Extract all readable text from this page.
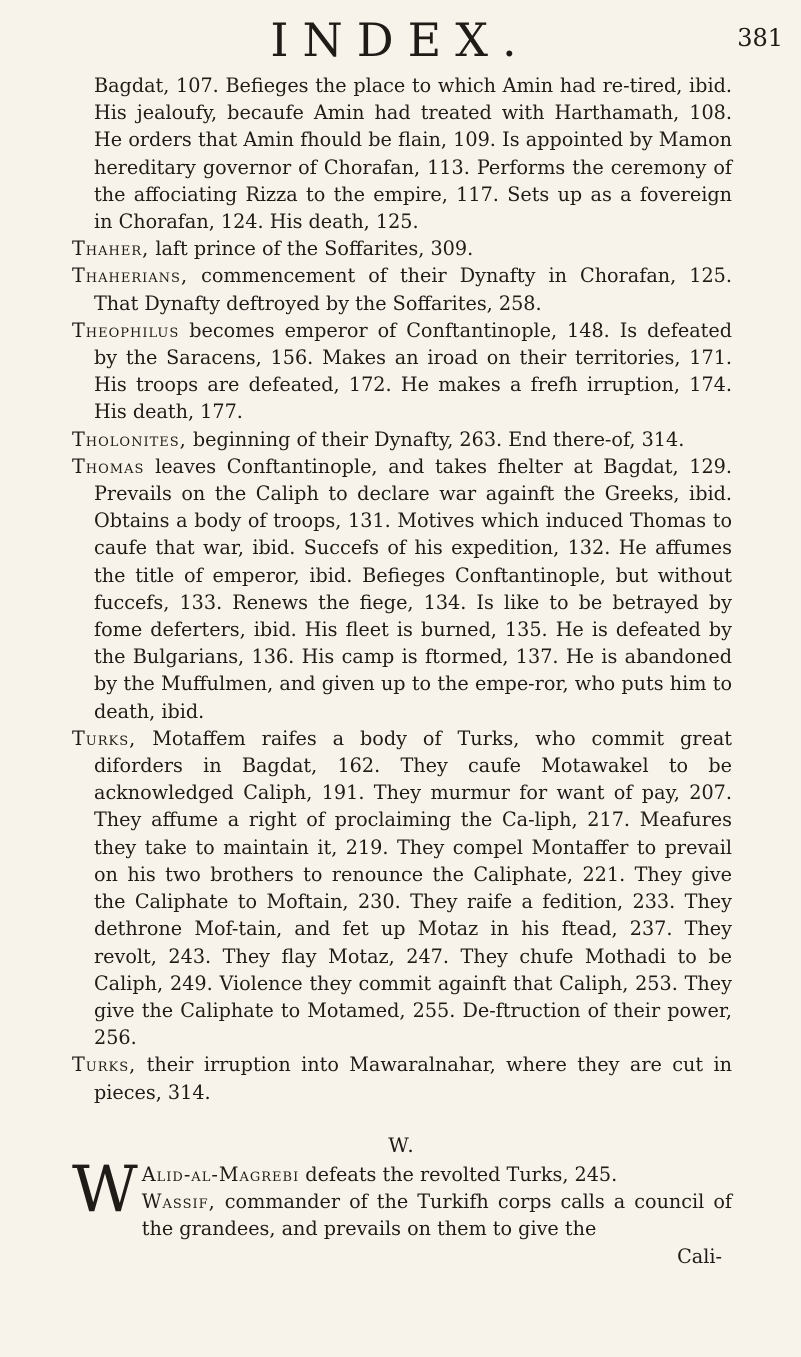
INDEX.	381

Bagdat, 107. Befieges the place to which Amin had re-tired, ibid. His jealoufy, becaufe Amin had treated with Harthamath, 108. He orders that Amin fhould be flain, 109. Is appointed by Mamon hereditary governor of Chorafan, 113. Performs the ceremony of the affociating Rizza to the empire, 117. Sets up as a fovereign in Chorafan, 124. His death, 125.

Thaher, laft prince of the Soffarites, 309.

Thaherians, commencement of their Dynafty in Chorafan, 125. That Dynafty deftroyed by the Soffarites, 258.

Theophilus becomes emperor of Conftantinople, 148. Is defeated by the Saracens, 156. Makes an iroad on their territories, 171. His troops are defeated, 172. He makes a frefh irruption, 174. His death, 177.

Tholonites, beginning of their Dynafty, 263. End there-of, 314.

Thomas leaves Conftantinople, and takes fhelter at Bagdat, 129. Prevails on the Caliph to declare war againft the Greeks, ibid. Obtains a body of troops, 131. Motives which induced Thomas to caufe that war, ibid. Succefs of his expedition, 132. He affumes the title of emperor, ibid. Befieges Conftantinople, but without fuccefs, 133. Renews the fiege, 134. Is like to be betrayed by fome deferters, ibid. His fleet is burned, 135. He is defeated by the Bulgarians, 136. His camp is ftormed, 137. He is abandoned by the Muffulmen, and given up to the empe-ror, who puts him to death, ibid.

Turks, Motaffem raifes a body of Turks, who commit great diforders in Bagdat, 162. They caufe Motawakel to be acknowledged Caliph, 191. They murmur for want of pay, 207. They affume a right of proclaiming the Ca-liph, 217. Meafures they take to maintain it, 219. They compel Montaffer to prevail on his two brothers to renounce the Caliphate, 221. They give the Caliphate to Moftain, 230. They raife a fedition, 233. They dethrone Mof-tain, and fet up Motaz in his ftead, 237. They revolt, 243. They flay Motaz, 247. They chufe Mothadi to be Caliph, 249. Violence they commit againft that Caliph, 253. They give the Caliphate to Motamed, 255. De-ftruction of their power, 256.

Turks, their irruption into Mawaralnahar, where they are cut in pieces, 314.

W.

W Alid-al-Magrebi defeats the revolted Turks, 245.
Wassif, commander of the Turkifh corps calls a council of the grandees, and prevails on them to give the

Cali-
